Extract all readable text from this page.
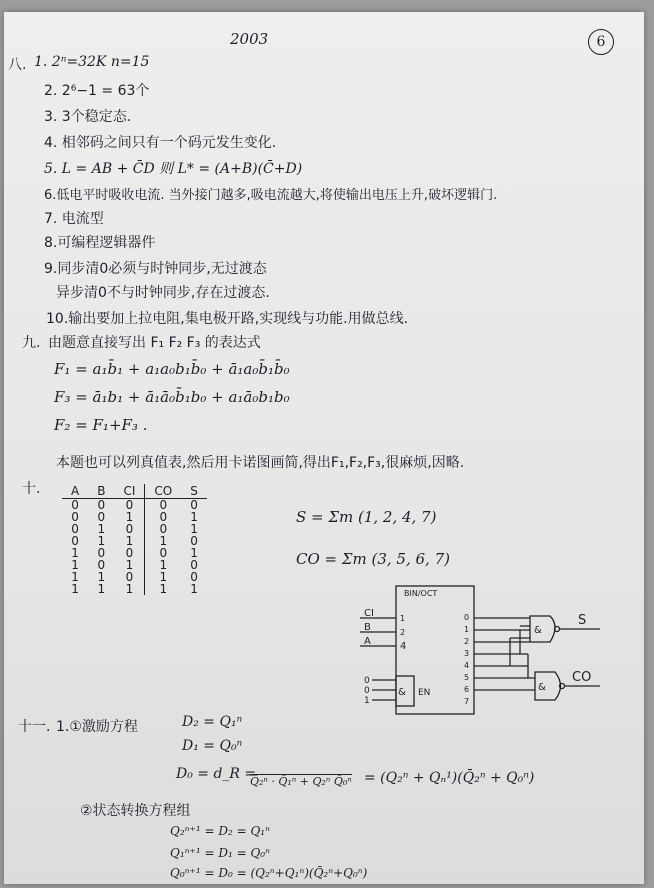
2003	6
八. 1. 2ⁿ=32K n=15
2. 2⁶−1 = 63个
3. 3个稳定态.
4. 相邻码之间只有一个码元发生变化.
5. L = AB + C̄D 则 L* = (A+B)(C̄+D)
6.低电平时吸收电流. 当外接门越多,吸电流越大,将使输出电压上升,破坏逻辑门.
7. 电流型
8.可编程逻辑器件
9.同步清0必须与时钟同步,无过渡态
异步清0不与时钟同步,存在过渡态.
10.输出要加上拉电阻,集电极开路,实现线与功能.用做总线.
九. 由题意直接写出 F₁ F₂ F₃ 的表达式
F₁ = a₁b̄₁ + a₁a₀b₁b̄₀ + ā₁a₀b̄₁b̄₀
F₃ = ā₁b₁ + ā₁ā₀b̄₁b₀ + a₁ā₀b₁b₀
F₂ = F₁+F₃ .
本题也可以列真值表,然后用卡诺图画简,得出F₁,F₂,F₃,很麻烦,因略.
十.	A	B	CI	CO	S
0	0	0	0	0
0	0	1	0	1
0	1	0	0	1
0	1	1	1	0
1	0	0	0	1
1	0	1	1	0
1	1	0	1	0
1	1	1	1	1
S = Σm (1, 2, 4, 7)
CO = Σm (3, 5, 6, 7)
BIN/OCT
CI
B
A
1
2
4
0
0
1
& EN
0
1
2
3
4
5
6
7
&
&
S
CO
十一. 1.①激励方程	D₂ = Q₁ⁿ
D₁ = Q₀ⁿ
D₀ = d_R =
Q̄₂ⁿ · Q̄₁ⁿ + Q₂ⁿ Q̄₀ⁿ = (Q₂ⁿ + Qₙ¹)(Q̄₂ⁿ + Q₀ⁿ)
②状态转换方程组
Q₂ⁿ⁺¹ = D₂ = Q₁ⁿ
Q₁ⁿ⁺¹ = D₁ = Q₀ⁿ
Q₀ⁿ⁺¹ = D₀ = (Q₂ⁿ+Q₁ⁿ)(Q̄₂ⁿ+Q₀ⁿ)
